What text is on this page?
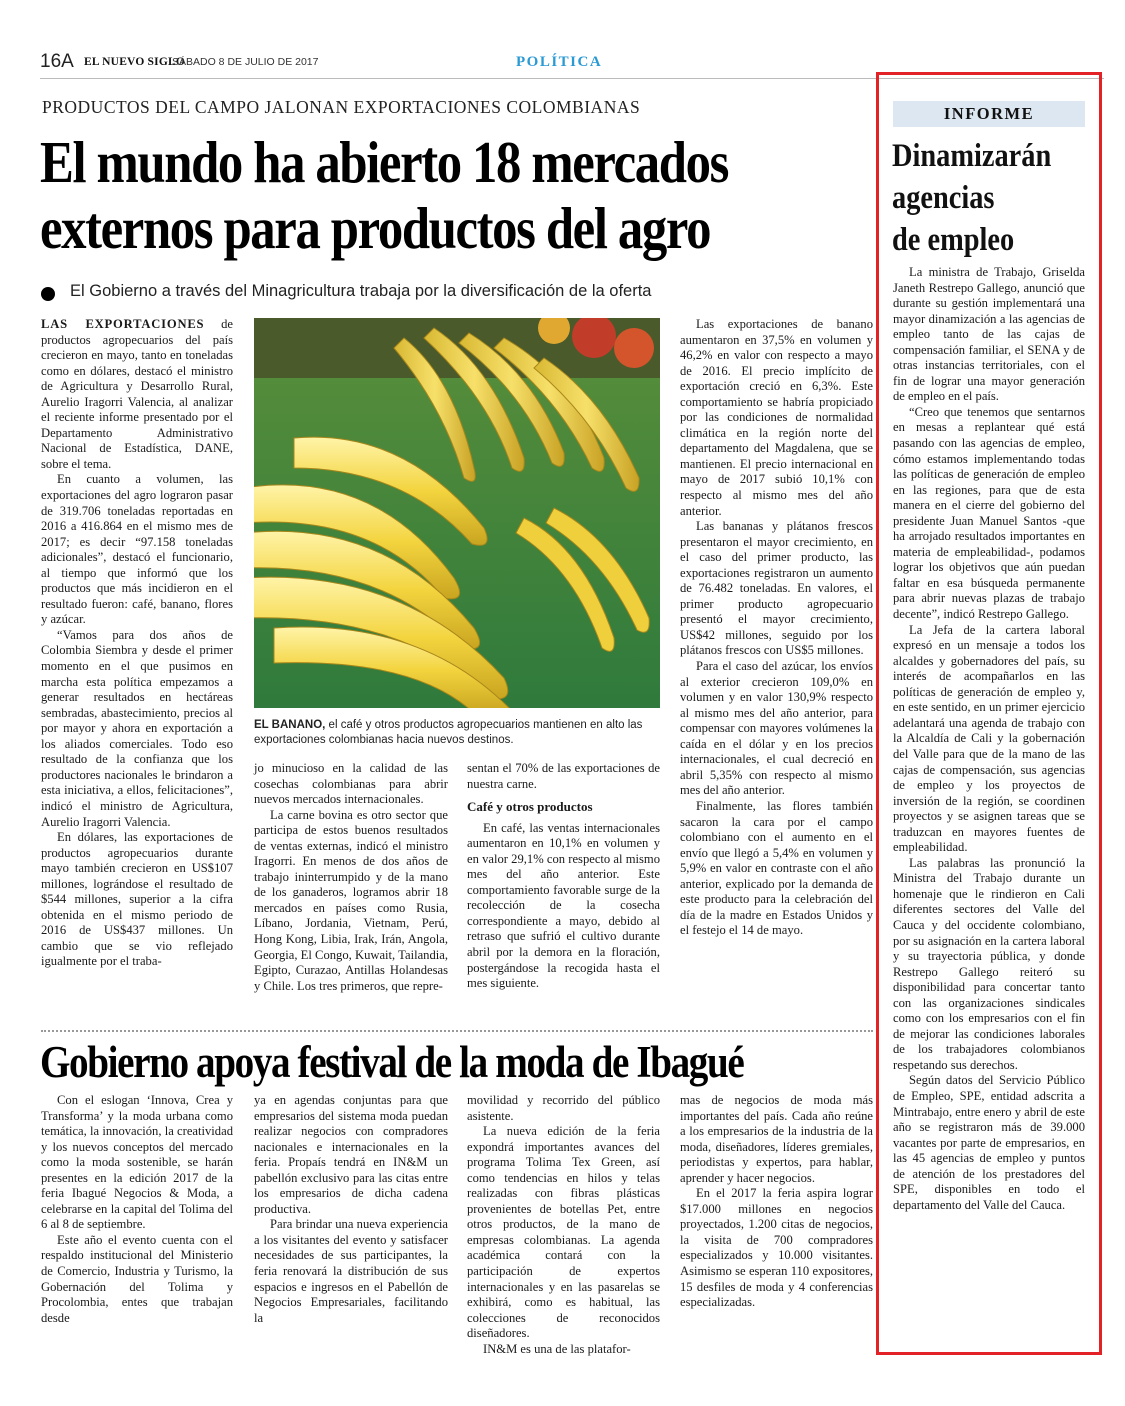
16A EL NUEVO SIGLO
SÁBADO 8 DE JULIO DE 2017	POLÍTICA
PRODUCTOS DEL CAMPO JALONAN EXPORTACIONES COLOMBIANAS
El mundo ha abierto 18 mercados
externos para productos del agro
El Gobierno a través del Minagricultura trabaja por la diversificación de la oferta

LAS EXPORTACIONES de productos agropecuarios del país crecieron en mayo, tanto en toneladas como en dólares, destacó el ministro de Agricultura y Desarrollo Rural, Aurelio Iragorri Valencia, al analizar el reciente informe presentado por el Departamento Administrativo Nacional de Estadística, DANE, sobre el tema.

En cuanto a volumen, las exportaciones del agro lograron pasar de 319.706 toneladas reportadas en 2016 a 416.864 en el mismo mes de 2017; es decir “97.158 toneladas adicionales”, destacó el funcionario, al tiempo que informó que los productos que más incidieron en el resultado fueron: café, banano, flores y azúcar.

“Vamos para dos años de Colombia Siembra y desde el primer momento en el que pusimos en marcha esta política empezamos a generar resultados en hectáreas sembradas, abastecimiento, precios al por mayor y ahora en exportación a los aliados comerciales. Todo eso resultado de la confianza que los productores nacionales le brindaron a esta iniciativa, a ellos, felicitaciones”, indicó el ministro de Agricultura, Aurelio Iragorri Valencia.

En dólares, las exportaciones de productos agropecuarios durante mayo también crecieron en US$107 millones, lográndose el resultado de $544 millones, superior a la cifra obtenida en el mismo periodo de 2016 de US$437 millones. Un cambio que se vio reflejado igualmente por el traba-

EL BANANO, el café y otros productos agropecuarios mantienen en alto las exportaciones colombianas hacia nuevos destinos.

jo minucioso en la calidad de las cosechas colombianas para abrir nuevos mercados internacionales.

La carne bovina es otro sector que participa de estos buenos resultados de ventas externas, indicó el ministro Iragorri. En menos de dos años de trabajo ininterrumpido y de la mano de los ganaderos, logramos abrir 18 mercados en países como Rusia, Líbano, Jordania, Vietnam, Perú, Hong Kong, Libia, Irak, Irán, Angola, Georgia, El Congo, Kuwait, Tailandia, Egipto, Curazao, Antillas Holandesas y Chile. Los tres primeros, que repre-

sentan el 70% de las exportaciones de nuestra carne.

Café y otros productos

En café, las ventas internacionales aumentaron en 10,1% en volumen y en valor 29,1% con respecto al mismo mes del año anterior. Este comportamiento favorable surge de la recolección de la cosecha correspondiente a mayo, debido al retraso que sufrió el cultivo durante abril por la demora en la floración, postergándose la recogida hasta el mes siguiente.

Las exportaciones de banano aumentaron en 37,5% en volumen y 46,2% en valor con respecto a mayo de 2016. El precio implícito de exportación creció en 6,3%. Este comportamiento se habría propiciado por las condiciones de normalidad climática en la región norte del departamento del Magdalena, que se mantienen. El precio internacional en mayo de 2017 subió 10,1% con respecto al mismo mes del año anterior.

Las bananas y plátanos frescos presentaron el mayor crecimiento, en el caso del primer producto, las exportaciones registraron un aumento de 76.482 toneladas. En valores, el primer producto agropecuario presentó el mayor crecimiento, US$42 millones, seguido por los plátanos frescos con US$5 millones.

Para el caso del azúcar, los envíos al exterior crecieron 109,0% en volumen y en valor 130,9% respecto al mismo mes del año anterior, para compensar con mayores volúmenes la caída en el dólar y en los precios internacionales, el cual decreció en abril 5,35% con respecto al mismo mes del año anterior.

Finalmente, las flores también sacaron la cara por el campo colombiano con el aumento en el envío que llegó a 5,4% en volumen y 5,9% en valor en contraste con el año anterior, explicado por la demanda de este producto para la celebración del día de la madre en Estados Unidos y el festejo el 14 de mayo.

Gobierno apoya festival de la moda de Ibagué

Con el eslogan ‘Innova, Crea y Transforma’ y la moda urbana como temática, la innovación, la creatividad y los nuevos conceptos del mercado como la moda sostenible, se harán presentes en la edición 2017 de la feria Ibagué Negocios & Moda, a celebrarse en la capital del Tolima del 6 al 8 de septiembre.

Este año el evento cuenta con el respaldo institucional del Ministerio de Comercio, Industria y Turismo, la Gobernación del Tolima y Procolombia, entes que trabajan desde

ya en agendas conjuntas para que empresarios del sistema moda puedan realizar negocios con compradores nacionales e internacionales en la feria. Propaís tendrá en IN&M un pabellón exclusivo para las citas entre los empresarios de dicha cadena productiva.

Para brindar una nueva experiencia a los visitantes del evento y satisfacer necesidades de sus participantes, la feria renovará la distribución de sus espacios e ingresos en el Pabellón de Negocios Empresariales, facilitando la

movilidad y recorrido del público asistente.

La nueva edición de la feria expondrá importantes avances del programa Tolima Tex Green, así como tendencias en hilos y telas realizadas con fibras plásticas provenientes de botellas Pet, entre otros productos, de la mano de empresas colombianas. La agenda académica contará con la participación de expertos internacionales y en las pasarelas se exhibirá, como es habitual, las colecciones de reconocidos diseñadores.

IN&M es una de las platafor-

mas de negocios de moda más importantes del país. Cada año reúne a los empresarios de la industria de la moda, diseñadores, líderes gremiales, periodistas y expertos, para hablar, aprender y hacer negocios.

En el 2017 la feria aspira lograr $17.000 millones en negocios proyectados, 1.200 citas de negocios, la visita de 700 compradores especializados y 10.000 visitantes. Asimismo se esperan 110 expositores, 15 desfiles de moda y 4 conferencias especializadas.

INFORME
Dinamizarán
agencias
de empleo

La ministra de Trabajo, Griselda Janeth Restrepo Gallego, anunció que durante su gestión implementará una mayor dinamización a las agencias de empleo tanto de las cajas de compensación familiar, el SENA y de otras instancias territoriales, con el fin de lograr una mayor generación de empleo en el país.

“Creo que tenemos que sentarnos en mesas a replantear qué está pasando con las agencias de empleo, cómo estamos implementando todas las políticas de generación de empleo en las regiones, para que de esta manera en el cierre del gobierno del presidente Juan Manuel Santos -que ha arrojado resultados importantes en materia de empleabilidad-, podamos lograr los objetivos que aún puedan faltar en esa búsqueda permanente para abrir nuevas plazas de trabajo decente”, indicó Restrepo Gallego.

La Jefa de la cartera laboral expresó en un mensaje a todos los alcaldes y gobernadores del país, su interés de acompañarlos en las políticas de generación de empleo y, en este sentido, en un primer ejercicio adelantará una agenda de trabajo con la Alcaldía de Cali y la gobernación del Valle para que de la mano de las cajas de compensación, sus agencias de empleo y los proyectos de inversión de la región, se coordinen proyectos y se asignen tareas que se traduzcan en mayores fuentes de empleabilidad.

Las palabras las pronunció la Ministra del Trabajo durante un homenaje que le rindieron en Cali diferentes sectores del Valle del Cauca y del occidente colombiano, por su asignación en la cartera laboral y su trayectoria pública, y donde Restrepo Gallego reiteró su disponibilidad para concertar tanto con las organizaciones sindicales como con los empresarios con el fin de mejorar las condiciones laborales de los trabajadores colombianos respetando sus derechos.

Según datos del Servicio Público de Empleo, SPE, entidad adscrita a Mintrabajo, entre enero y abril de este año se registraron más de 39.000 vacantes por parte de empresarios, en las 45 agencias de empleo y puntos de atención de los prestadores del SPE, disponibles en todo el departamento del Valle del Cauca.
